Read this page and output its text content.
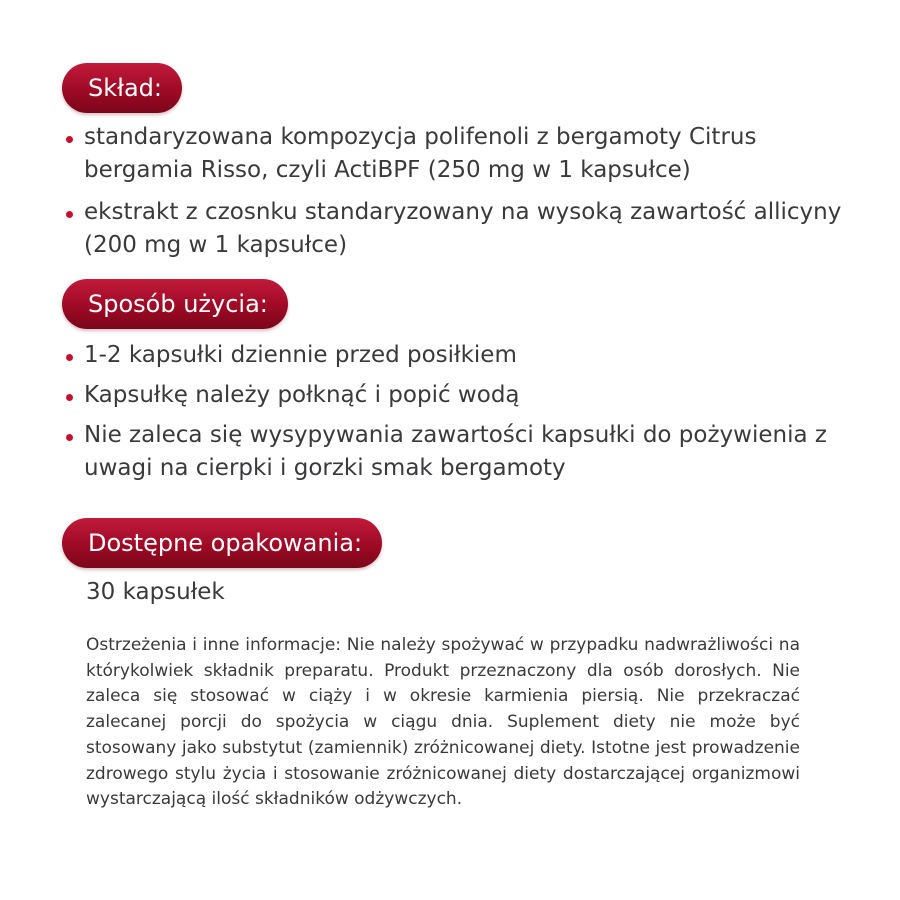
Skład:
standaryzowana kompozycja polifenoli z bergamoty Citrus bergamia Risso, czyli ActiBPF (250 mg w 1 kapsułce)
ekstrakt z czosnku standaryzowany na wysoką zawartość allicyny (200 mg w 1 kapsułce)
Sposób użycia:
1-2 kapsułki dziennie przed posiłkiem
Kapsułkę należy połknąć i popić wodą
Nie zaleca się wysypywania zawartości kapsułki do pożywienia z uwagi na cierpki i gorzki smak bergamoty
Dostępne opakowania:
30 kapsułek

Ostrzeżenia i inne informacje: Nie należy spożywać w przypadku nadwrażliwości na którykolwiek składnik preparatu. Produkt przeznaczony dla osób dorosłych. Nie zaleca się stosować w ciąży i w okresie karmienia piersią. Nie przekraczać zalecanej porcji do spożycia w ciągu dnia. Suplement diety nie może być stosowany jako substytut (zamiennik) zróżnicowanej diety. Istotne jest prowadzenie zdrowego stylu życia i stosowanie zróżnicowanej diety dostarczającej organizmowi wystarczającą ilość składników odżywczych.
